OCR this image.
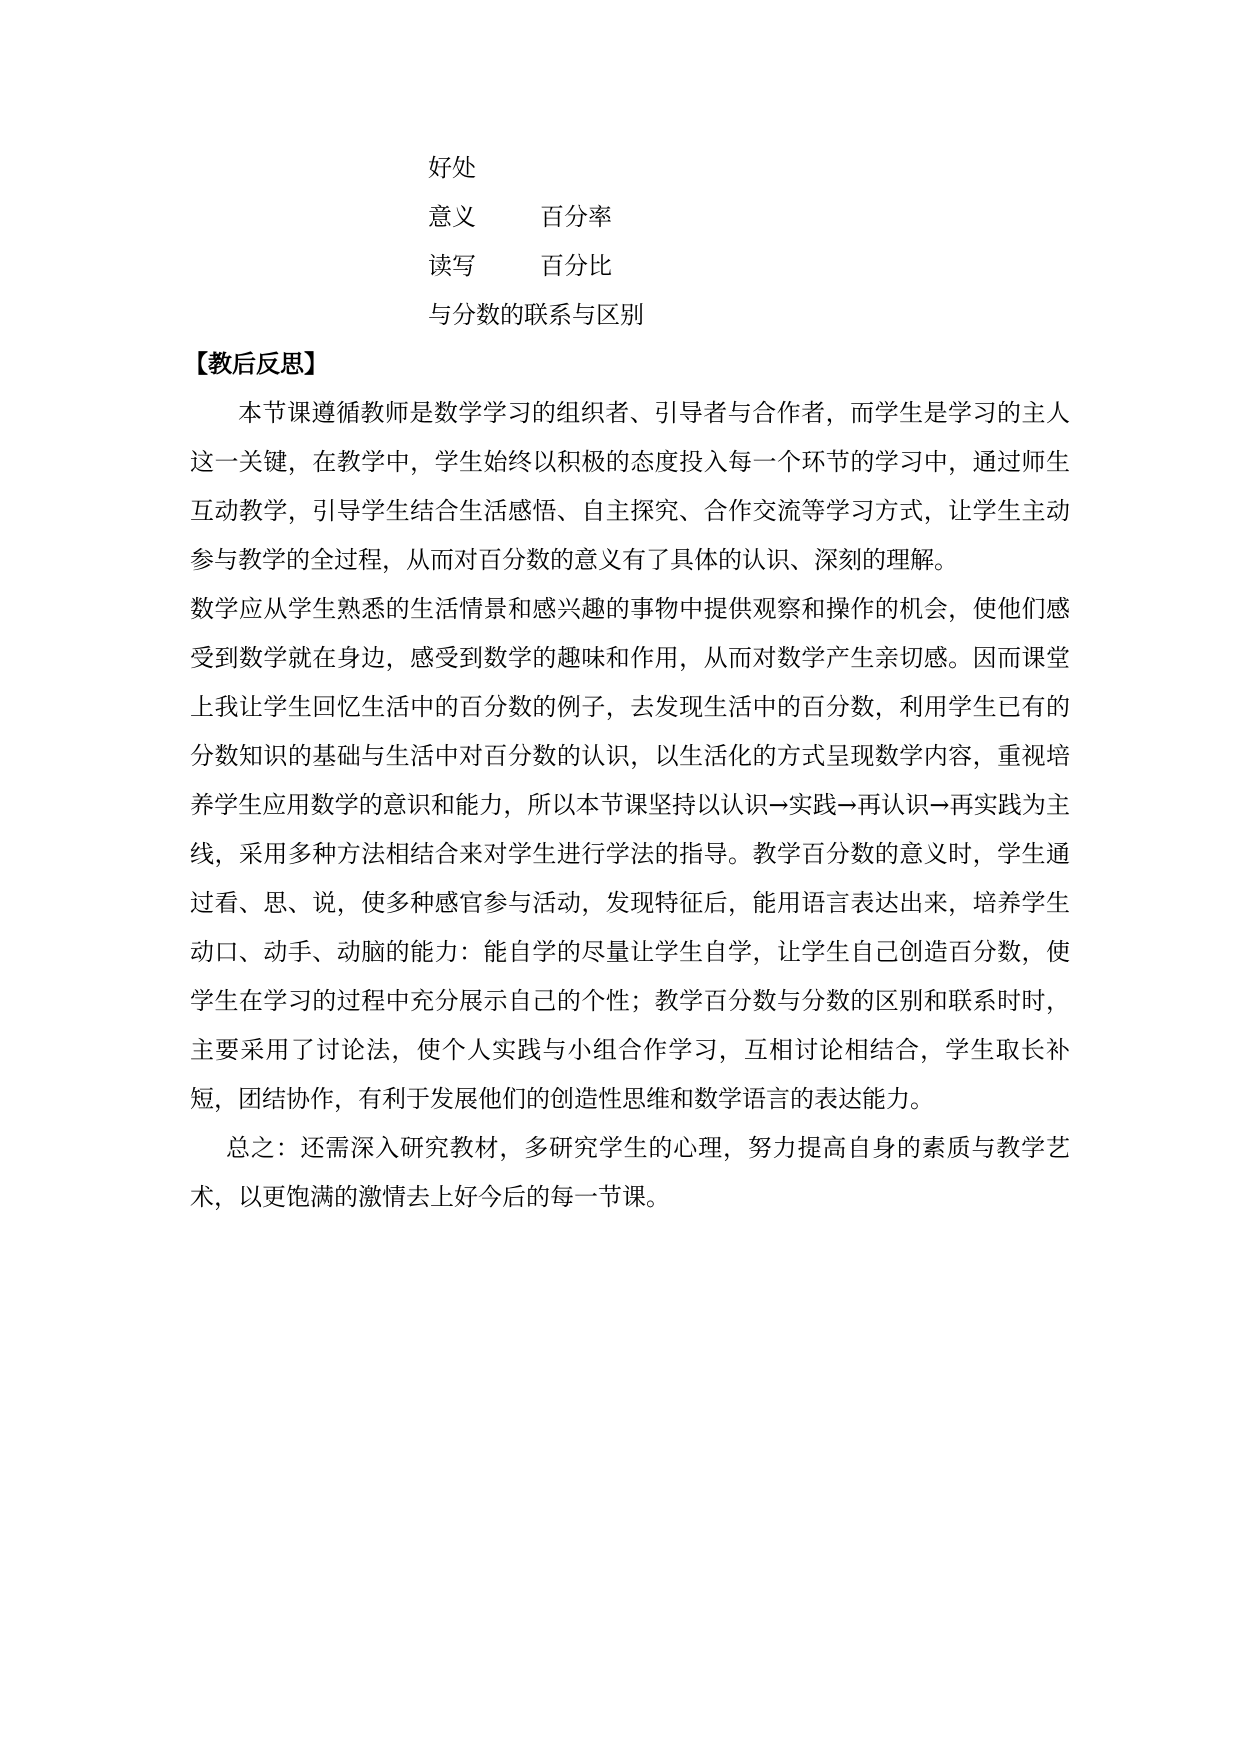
好处
意义	百分率
读写	百分比
与分数的联系与区别
【教后反思】

本节课遵循教师是数学学习的组织者、引导者与合作者，而学生是学习的主人这一关键，在教学中，学生始终以积极的态度投入每一个环节的学习中，通过师生互动教学，引导学生结合生活感悟、自主探究、合作交流等学习方式，让学生主动参与教学的全过程，从而对百分数的意义有了具体的认识、深刻的理解。

数学应从学生熟悉的生活情景和感兴趣的事物中提供观察和操作的机会，使他们感受到数学就在身边，感受到数学的趣味和作用，从而对数学产生亲切感。因而课堂上我让学生回忆生活中的百分数的例子，去发现生活中的百分数，利用学生已有的分数知识的基础与生活中对百分数的认识，以生活化的方式呈现数学内容，重视培养学生应用数学的意识和能力，所以本节课坚持以认识→实践→再认识→再实践为主线，采用多种方法相结合来对学生进行学法的指导。教学百分数的意义时，学生通过看、思、说，使多种感官参与活动，发现特征后，能用语言表达出来，培养学生动口、动手、动脑的能力：能自学的尽量让学生自学，让学生自己创造百分数，使学生在学习的过程中充分展示自己的个性；教学百分数与分数的区别和联系时时，主要采用了讨论法，使个人实践与小组合作学习，互相讨论相结合，学生取长补短，团结协作，有利于发展他们的创造性思维和数学语言的表达能力。

总之：还需深入研究教材，多研究学生的心理，努力提高自身的素质与教学艺术，以更饱满的激情去上好今后的每一节课。
